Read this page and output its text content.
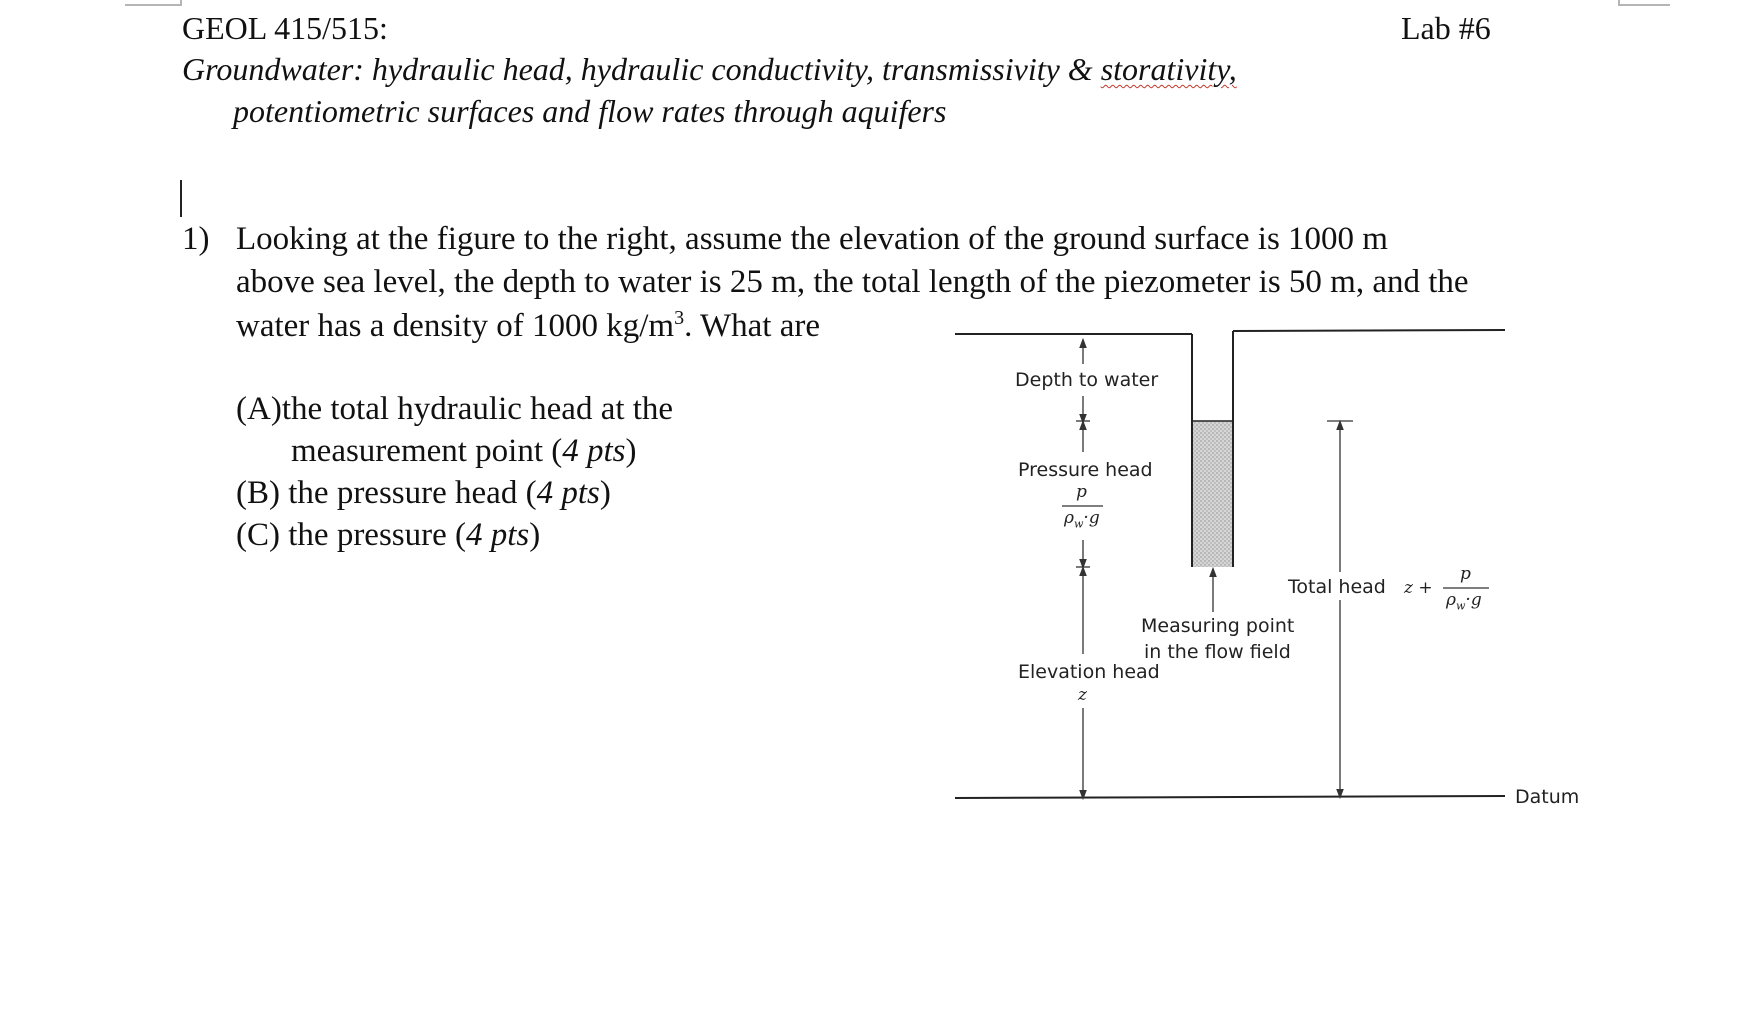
GEOL 415/515:	Lab #6
Groundwater: hydraulic head, hydraulic conductivity, transmissivity & storativity,
potentiometric surfaces and flow rates through aquifers
1) Looking at the figure to the right, assume the elevation of the ground surface is 1000 m
above sea level, the depth to water is 25 m, the total length of the piezometer is 50 m, and the
water has a density of 1000 $kg/m^3$. What are
(A)the total hydraulic head at the
measurement point (4 pts)
(B) the pressure head (4 pts)
(C) the pressure (4 pts)
Depth to water
Pressure head
p
$\rho_w\cdot g$
Total head z +
p
$\rho_w\cdot g$
Measuring point
in the flow field
Elevation head
z
Datum
